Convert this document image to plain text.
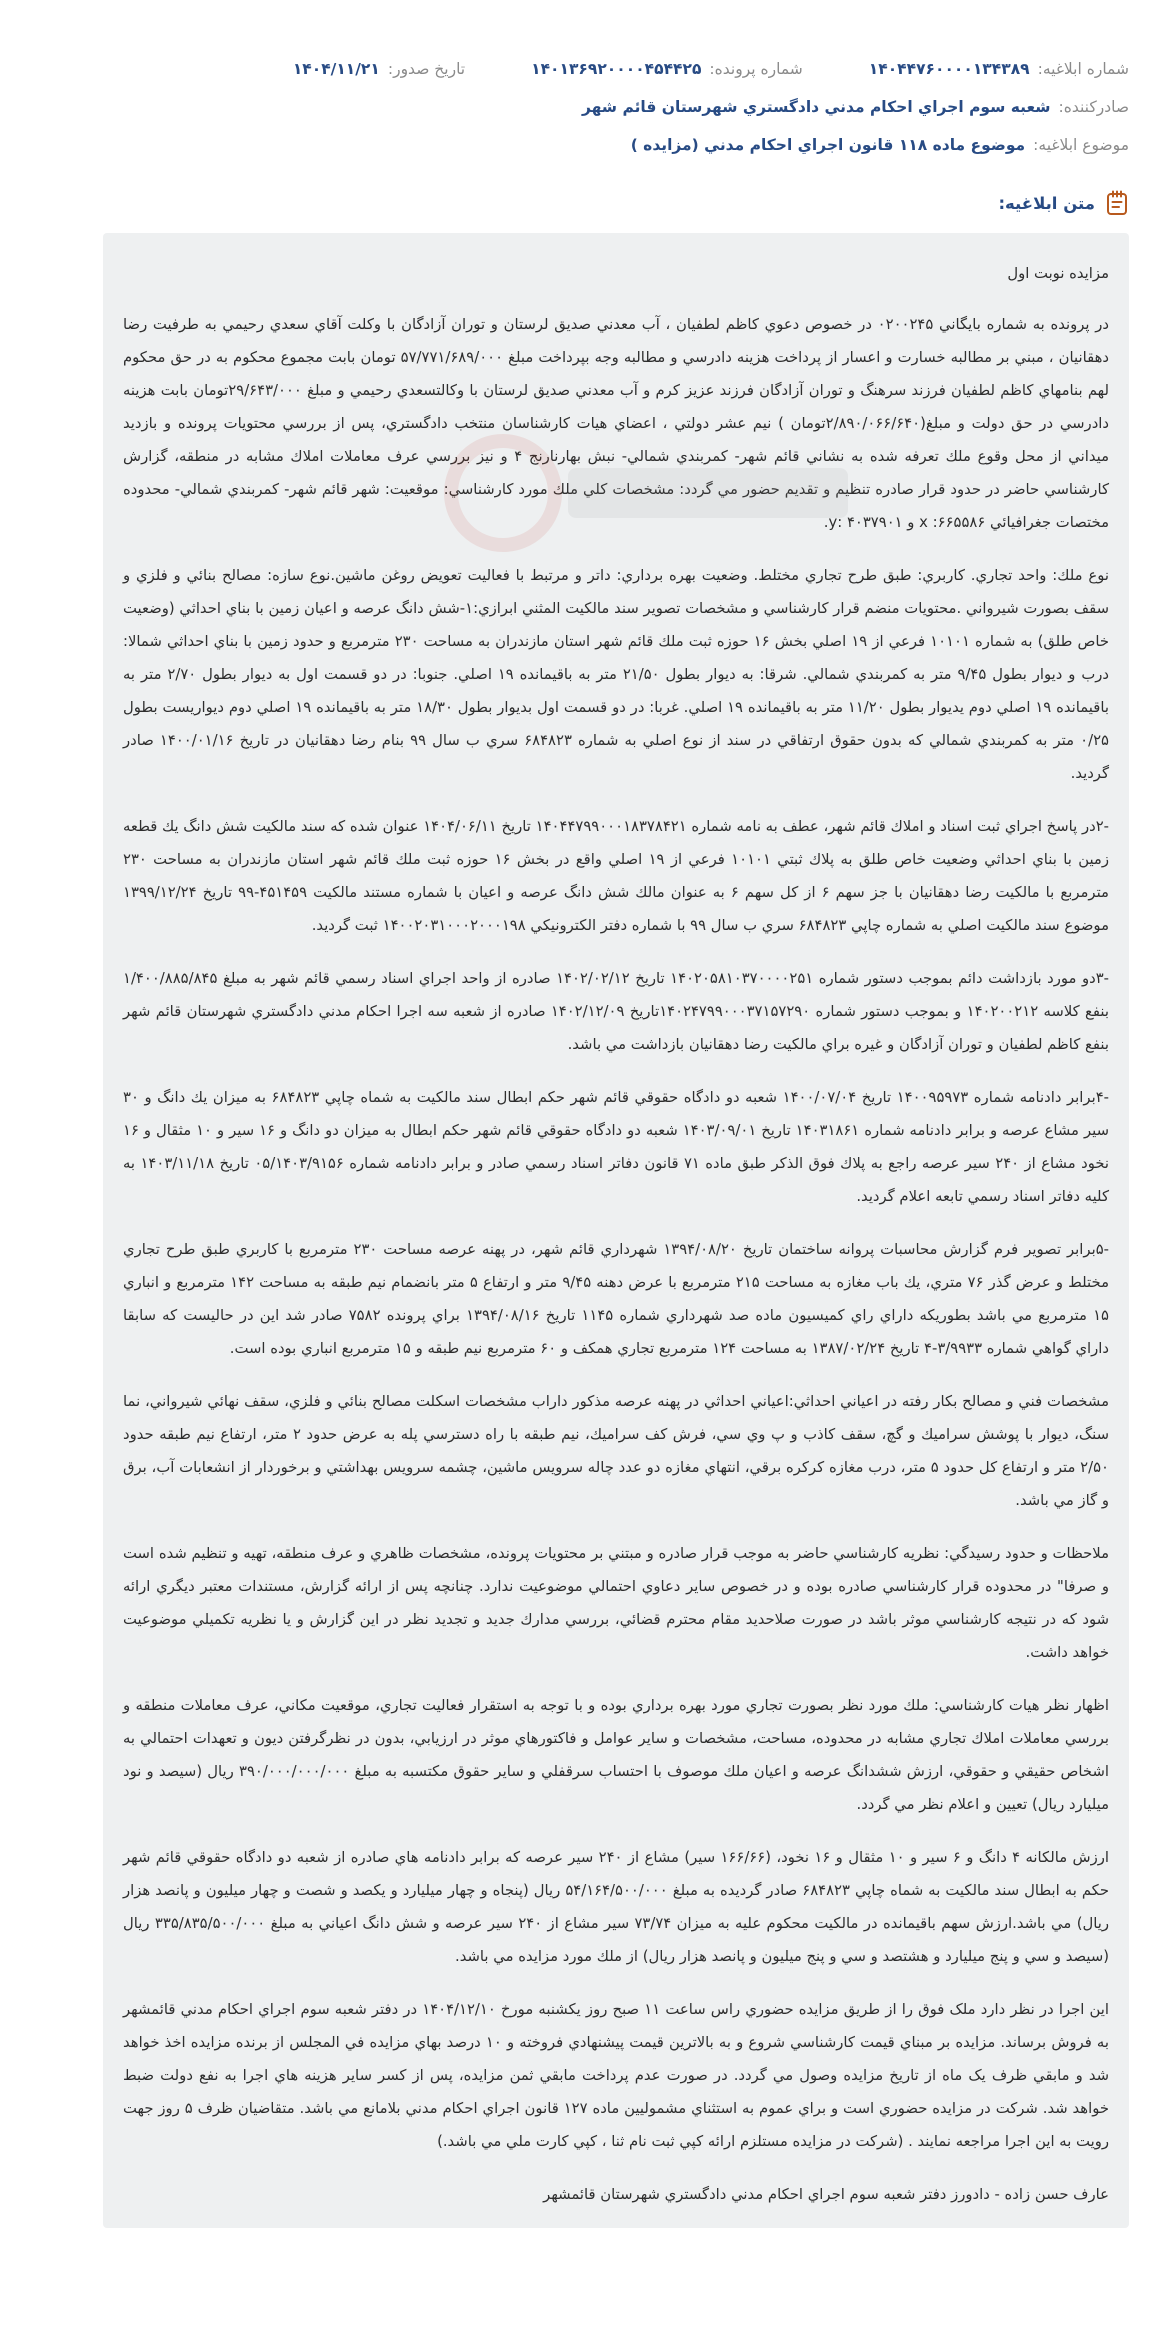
شماره ابلاغيه:
۱۴۰۴۴۷۶۰۰۰۰۱۳۴۳۸۹
شماره پرونده:
۱۴۰۱۳۶۹۲۰۰۰۰۴۵۴۴۲۵
تاريخ صدور:
۱۴۰۴/۱۱/۲۱
صادرکننده:
شعبه سوم اجراي احكام مدني دادگستري شهرستان قائم شهر
موضوع ابلاغيه:
موضوع ماده ۱۱۸ قانون اجراي احكام مدني (مزايده )
متن ابلاغيه:

مزايده نوبت اول

در پرونده به شماره بايگاني ۰۲۰۰۲۴۵ در خصوص دعوي كاظم لطفيان ، آب معدني صديق لرستان و توران آزادگان با وكلت آقاي سعدي رحيمي به طرفيت رضا دهقانيان ، مبني بر مطالبه خسارت و اعسار از پرداخت هزينه دادرسي و مطالبه وجه بپرداخت مبلغ ۵۷/۷۷۱/۶۸۹/۰۰۰ تومان بابت مجموع محكوم به در حق محكوم لهم بنامهاي كاظم لطفيان فرزند سرهنگ و توران آزادگان فرزند عزيز كرم و آب معدني صديق لرستان با وكالتسعدي رحيمي و مبلغ ۲۹/۶۴۳/۰۰۰تومان بابت هزينه دادرسي در حق دولت و مبلغ(۲/۸۹۰/۰۶۶/۶۴۰تومان ) نيم عشر دولتي ، اعضاي هيات كارشناسان منتخب دادگستري، پس از بررسي محتويات پرونده و بازديد ميداني از محل وقوع ملك تعرفه شده به نشاني قائم شهر- كمربندي شمالي- نبش بهارنارنج ۴ و نيز بررسي عرف معاملات املاك مشابه در منطقه، گزارش كارشناسي حاضر در حدود قرار صادره تنظيم و تقديم حضور مي گردد: مشخصات كلي ملك مورد كارشناسي: موقعيت: شهر قائم شهر- كمربندي شمالي- محدوده مختصات جغرافيائي ۶۶۵۵۸۶: x و ۴۰۳۷۹۰۱ :y.

نوع ملك: واحد تجاري. كاربري: طبق طرح تجاري مختلط. وضعيت بهره برداري: داتر و مرتبط با فعاليت تعويض روغن ماشين.نوع سازه: مصالح بنائي و فلزي و سقف بصورت شيرواني .محتويات منضم قرار كارشناسي و مشخصات تصوير سند مالكيت المثني ابرازي:۱-شش دانگ عرصه و اعيان زمين با بناي احداثي (وضعيت خاص طلق) به شماره ۱۰۱۰۱ فرعي از ۱۹ اصلي بخش ۱۶ حوزه ثبت ملك قائم شهر استان مازندران به مساحت ۲۳۰ مترمربع و حدود زمين با بناي احداثي شمالا: درب و ديوار بطول ۹/۴۵ متر به كمربندي شمالي. شرقا: به ديوار بطول ۲۱/۵۰ متر به باقيمانده ۱۹ اصلي. جنوبا: در دو قسمت اول به ديوار بطول ۲/۷۰ متر به باقيمانده ۱۹ اصلي دوم يديوار بطول ۱۱/۲۰ متر به باقيمانده ۱۹ اصلي. غربا: در دو قسمت اول بديوار بطول ۱۸/۳۰ متر به باقيمانده ۱۹ اصلي دوم ديواريست بطول ۰/۲۵ متر به كمربندي شمالي كه بدون حقوق ارتفاقي در سند از نوع اصلي به شماره ۶۸۴۸۲۳ سري ب سال ۹۹ بنام رضا دهقانيان در تاريخ ۱۴۰۰/۰۱/۱۶ صادر گرديد.

-۲در پاسخ اجراي ثبت اسناد و املاك قائم شهر، عطف به نامه شماره ۱۴۰۴۴۷۹۹۰۰۰۱۸۳۷۸۴۲۱ تاريخ ۱۴۰۴/۰۶/۱۱ عنوان شده كه سند مالكيت شش دانگ يك قطعه زمين با بناي احداثي وضعيت خاص طلق به پلاك ثبتي ۱۰۱۰۱ فرعي از ۱۹ اصلي واقع در بخش ۱۶ حوزه ثبت ملك قائم شهر استان مازندران به مساحت ۲۳۰ مترمربع با مالكيت رضا دهقانيان با جز سهم ۶ از كل سهم ۶ به عنوان مالك شش دانگ عرصه و اعيان با شماره مستند مالكيت ۴۵۱۴۵۹-۹۹ تاريخ ۱۳۹۹/۱۲/۲۴ موضوع سند مالكيت اصلي به شماره چاپي ۶۸۴۸۲۳ سري ب سال ۹۹ با شماره دفتر الكترونيكي ۱۴۰۰۲۰۳۱۰۰۰۲۰۰۰۱۹۸ ثبت گرديد.

-۳دو مورد بازداشت دائم بموجب دستور شماره ۱۴۰۲۰۵۸۱۰۳۷۰۰۰۰۲۵۱ تاريخ ۱۴۰۲/۰۲/۱۲ صادره از واحد اجراي اسناد رسمي قائم شهر به مبلغ ۱/۴۰۰/۸۸۵/۸۴۵ بنفع كلاسه ۱۴۰۲۰۰۲۱۲ و بموجب دستور شماره ۱۴۰۲۴۷۹۹۰۰۰۳۷۱۵۷۲۹۰تاريخ ۱۴۰۲/۱۲/۰۹ صادره از شعبه سه اجرا احكام مدني دادگستري شهرستان قائم شهر بنفع كاظم لطفيان و توران آزادگان و غيره براي مالكيت رضا دهقانيان بازداشت مي باشد.

-۴برابر دادنامه شماره ۱۴۰۰۹۵۹۷۳ تاريخ ۱۴۰۰/۰۷/۰۴ شعبه دو دادگاه حقوقي قائم شهر حكم ابطال سند مالكيت به شماه چاپي ۶۸۴۸۲۳ به ميزان يك دانگ و ۳۰ سير مشاع عرصه و برابر دادنامه شماره ۱۴۰۳۱۸۶۱ تاريخ ۱۴۰۳/۰۹/۰۱ شعبه دو دادگاه حقوقي قائم شهر حكم ابطال به ميزان دو دانگ و ۱۶ سير و ۱۰ مثقال و ۱۶ نخود مشاع از ۲۴۰ سير عرصه راجع به پلاك فوق الذكر طبق ماده ۷۱ قانون دفاتر اسناد رسمي صادر و برابر دادنامه شماره ۰۵/۱۴۰۳/۹۱۵۶ تاريخ ۱۴۰۳/۱۱/۱۸ به كليه دفاتر اسناد رسمي تابعه اعلام گرديد.

-۵برابر تصوير فرم گزارش محاسبات پروانه ساختمان تاريخ ۱۳۹۴/۰۸/۲۰ شهرداري قائم شهر، در پهنه عرصه مساحت ۲۳۰ مترمربع با كاربري طبق طرح تجاري مختلط و عرض گذر ۷۶ متري، يك باب مغازه به مساحت ۲۱۵ مترمربع با عرض دهنه ۹/۴۵ متر و ارتفاع ۵ متر بانضمام نيم طبقه به مساحت ۱۴۲ مترمربع و انباري ۱۵ مترمربع مي باشد بطوريكه داراي راي كميسيون ماده صد شهرداري شماره ۱۱۴۵ تاريخ ۱۳۹۴/۰۸/۱۶ براي پرونده ۷۵۸۲ صادر شد اين در حاليست كه سابقا داراي گواهي شماره ۳/۹۹۳۳-۴ تاريخ ۱۳۸۷/۰۲/۲۴ به مساحت ۱۲۴ مترمربع تجاري همكف و ۶۰ مترمربع نيم طبقه و ۱۵ مترمربع انباري بوده است.

مشخصات فني و مصالح بكار رفته در اعياني احداثي:اعياني احداثي در پهنه عرصه مذكور داراب مشخصات اسكلت مصالح بنائي و فلزي، سقف نهائي شيرواني، نما سنگ، ديوار با پوشش سراميك و گچ، سقف كاذب و پ وي سي، فرش كف سراميك، نيم طبقه با راه دسترسي پله به عرض حدود ۲ متر، ارتفاع نيم طبقه حدود ۲/۵۰ متر و ارتفاع كل حدود ۵ متر، درب مغازه كركره برقي، انتهاي مغازه دو عدد چاله سرويس ماشين، چشمه سرويس بهداشتي و برخوردار از انشعابات آب، برق و گاز مي باشد.

ملاحظات و حدود رسيدگي: نظريه كارشناسي حاضر به موجب قرار صادره و مبتني بر محتويات پرونده، مشخصات ظاهري و عرف منطقه، تهيه و تنظيم شده است و صرفا" در محدوده قرار كارشناسي صادره بوده و در خصوص ساير دعاوي احتمالي موضوعيت ندارد. چنانچه پس از ارائه گزارش، مستندات معتبر ديگري ارائه شود كه در نتيجه كارشناسي موثر باشد در صورت صلاحديد مقام محترم قضائي، بررسي مدارك جديد و تجديد نظر در اين گزارش و يا نظريه تكميلي موضوعيت خواهد داشت.

اظهار نظر هيات كارشناسي: ملك مورد نظر بصورت تجاري مورد بهره برداري بوده و با توجه به استقرار فعاليت تجاري، موقعيت مكاني، عرف معاملات منطقه و بررسي معاملات املاك تجاري مشابه در محدوده، مساحت، مشخصات و ساير عوامل و فاكتورهاي موثر در ارزيابي، بدون در نظرگرفتن ديون و تعهدات احتمالي به اشخاص حقيقي و حقوقي، ارزش ششدانگ عرصه و اعيان ملك موصوف با احتساب سرقفلي و ساير حقوق مكتسبه به مبلغ ۳۹۰/۰۰۰/۰۰۰/۰۰۰ ريال (سيصد و نود ميليارد ريال) تعيين و اعلام نظر مي گردد.

ارزش مالكانه ۴ دانگ و ۶ سير و ۱۰ مثقال و ۱۶ نخود، (۱۶۶/۶۶ سير) مشاع از ۲۴۰ سير عرصه كه برابر دادنامه هاي صادره از شعبه دو دادگاه حقوقي قائم شهر حكم به ابطال سند مالكيت به شماه چاپي ۶۸۴۸۲۳ صادر گرديده به مبلغ ۵۴/۱۶۴/۵۰۰/۰۰۰ ريال (پنجاه و چهار ميليارد و يكصد و شصت و چهار ميليون و پانصد هزار ريال) مي باشد.ارزش سهم باقيمانده در مالكيت محكوم عليه به ميزان ۷۳/۷۴ سير مشاع از ۲۴۰ سير عرصه و شش دانگ اعياني به مبلغ ۳۳۵/۸۳۵/۵۰۰/۰۰۰ ريال (سيصد و سي و پنج ميليارد و هشتصد و سي و پنج ميليون و پانصد هزار ريال) از ملك مورد مزايده مي باشد.

اين اجرا در نظر دارد ملک فوق را از طريق مزايده حضوري راس ساعت ۱۱ صبح روز يكشنبه مورخ ۱۴۰۴/۱۲/۱۰ در دفتر شعبه سوم اجراي احکام مدني قائمشهر به فروش برساند. مزايده بر مبناي قيمت كارشناسي شروع و به بالاترين قيمت پيشنهادي فروخته و ۱۰ درصد بهاي مزايده في المجلس از برنده مزايده اخذ خواهد شد و مابقي ظرف يک ماه از تاريخ مزايده وصول مي گردد. در صورت عدم پرداخت مابقي ثمن مزايده، پس از كسر ساير هزينه هاي اجرا به نفع دولت ضبط خواهد شد. شركت در مزايده حضوري است و براي عموم به استثناي مشموليين ماده ۱۲۷ قانون اجراي احكام مدني بلامانع مي باشد. متقاضيان ظرف ۵ روز جهت رويت به اين اجرا مراجعه نمايند . (شركت در مزايده مستلزم ارائه كپي ثبت نام ثنا ، كپي كارت ملي مي باشد.)

عارف حسن زاده - دادورز دفتر شعبه سوم اجراي احكام مدني دادگستري شهرستان قائمشهر
